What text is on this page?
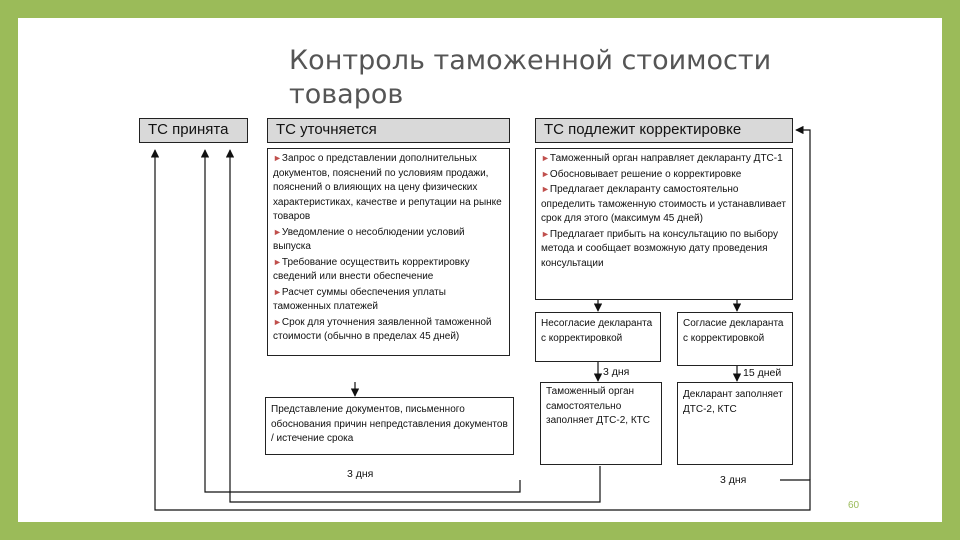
Контроль таможенной стоимости
товаров
ТС принята	ТС уточняется	ТС подлежит корректировке

►Запрос о представлении дополнительных документов, пояснений по условиям продажи, пояснений о влияющих на цену физических характеристиках, качестве и репутации на рынке товаров

►Уведомление о несоблюдении условий выпуска

►Требование осуществить корректировку сведений или внести обеспечение

►Расчет суммы обеспечения уплаты таможенных платежей

►Срок для уточнения заявленной таможенной стоимости (обычно в пределах 45 дней)

►Таможенный орган направляет декларанту ДТС-1

►Обосновывает решение о корректировке

►Предлагает декларанту самостоятельно определить таможенную стоимость и устанавливает срок для этого (максимум 45 дней)

►Предлагает прибыть на консультацию по выбору метода и сообщает возможную дату проведения консультации

Несогласие декларанта с корректировкой
Согласие декларанта с корректировкой
Представление документов, письменного обоснования причин непредставления документов / истечение срока
Таможенный орган самостоятельно заполняет ДТС-2, КТС
Декларант заполняет ДТС-2, КТС
3 дня	15 дней
3 дня	3 дня
60
